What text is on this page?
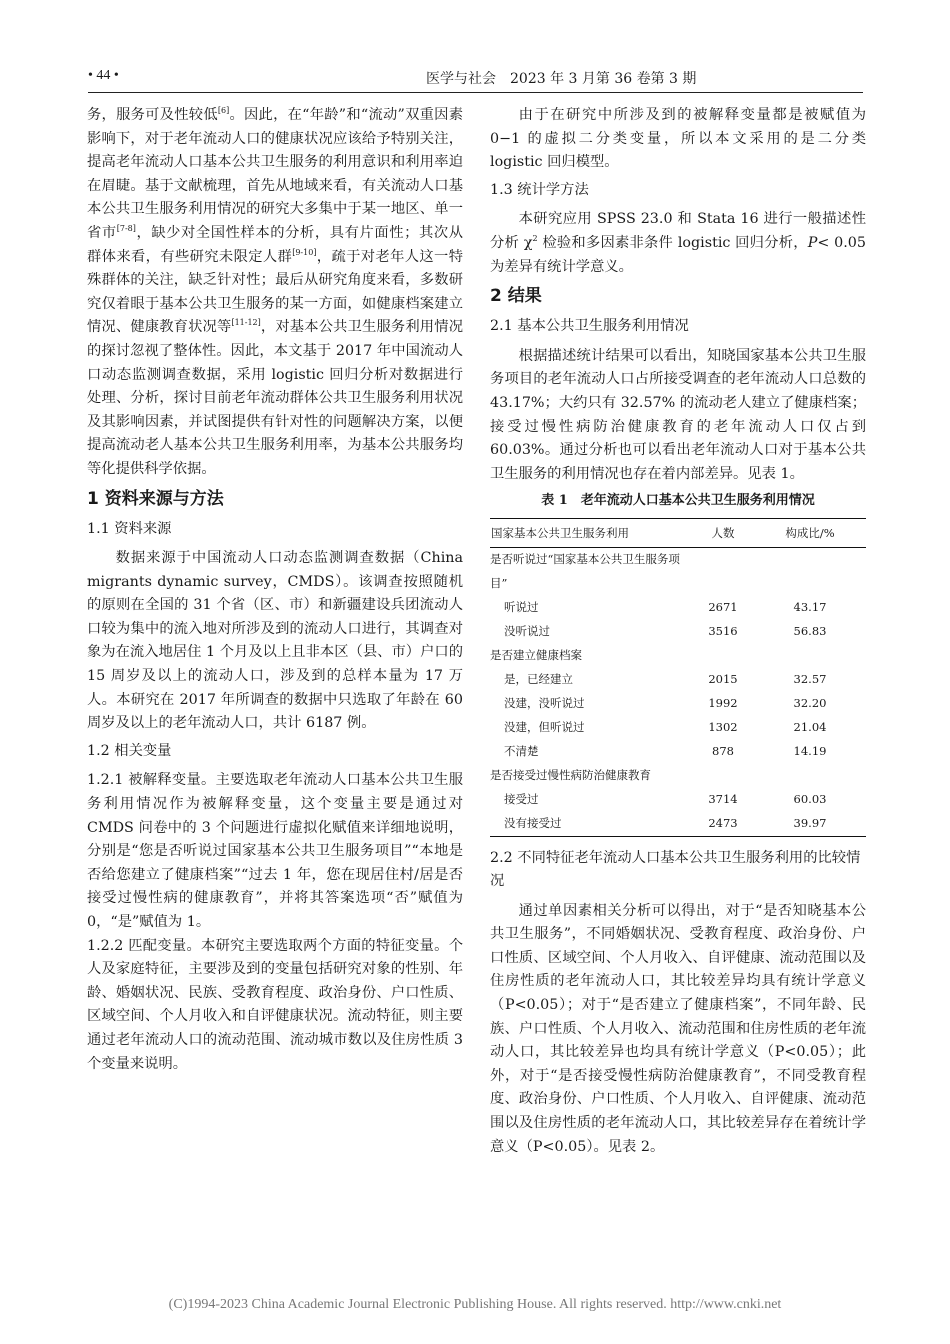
• 44 •	医学与社会　2023 年 3 月第 36 卷第 3 期

务，服务可及性较低[6]。因此，在“年龄”和“流动”双重因素影响下，对于老年流动人口的健康状况应该给予特别关注，提高老年流动人口基本公共卫生服务的利用意识和利用率迫在眉睫。基于文献梳理，首先从地域来看，有关流动人口基本公共卫生服务利用情况的研究大多集中于某一地区、单一省市[7-8]，缺少对全国性样本的分析，具有片面性；其次从群体来看，有些研究未限定人群[9-10]，疏于对老年人这一特殊群体的关注，缺乏针对性；最后从研究角度来看，多数研究仅着眼于基本公共卫生服务的某一方面，如健康档案建立情况、健康教育状况等[11-12]，对基本公共卫生服务利用情况的探讨忽视了整体性。因此，本文基于 2017 年中国流动人口动态监测调查数据，采用 logistic 回归分析对数据进行处理、分析，探讨目前老年流动群体公共卫生服务利用状况及其影响因素，并试图提供有针对性的问题解决方案，以便提高流动老人基本公共卫生服务利用率，为基本公共服务均等化提供科学依据。

1 资料来源与方法
1.1 资料来源

数据来源于中国流动人口动态监测调查数据（China migrants dynamic survey，CMDS）。该调查按照随机的原则在全国的 31 个省（区、市）和新疆建设兵团流动人口较为集中的流入地对所涉及到的流动人口进行，其调查对象为在流入地居住 1 个月及以上且非本区（县、市）户口的 15 周岁及以上的流动人口，涉及到的总样本量为 17 万人。本研究在 2017 年所调查的数据中只选取了年龄在 60 周岁及以上的老年流动人口，共计 6187 例。

1.2 相关变量

1.2.1 被解释变量。主要选取老年流动人口基本公共卫生服务利用情况作为被解释变量，这个变量主要是通过对 CMDS 问卷中的 3 个问题进行虚拟化赋值来详细地说明，分别是“您是否听说过国家基本公共卫生服务项目”“本地是否给您建立了健康档案”“过去 1 年，您在现居住村/居是否接受过慢性病的健康教育”，并将其答案选项“否”赋值为 0，“是”赋值为 1。

1.2.2 匹配变量。本研究主要选取两个方面的特征变量。个人及家庭特征，主要涉及到的变量包括研究对象的性别、年龄、婚姻状况、民族、受教育程度、政治身份、户口性质、区域空间、个人月收入和自评健康状况。流动特征，则主要通过老年流动人口的流动范围、流动城市数以及住房性质 3 个变量来说明。

由于在研究中所涉及到的被解释变量都是被赋值为 0−1 的虚拟二分类变量，所以本文采用的是二分类 logistic 回归模型。

1.3 统计学方法

本研究应用 SPSS 23.0 和 Stata 16 进行一般描述性分析 $\chi^2$ 检验和多因素非条件 logistic 回归分析，P< 0.05 为差异有统计学意义。

2 结果
2.1 基本公共卫生服务利用情况

根据描述统计结果可以看出，知晓国家基本公共卫生服务项目的老年流动人口占所接受调查的老年流动人口总数的 43.17%；大约只有 32.57% 的流动老人建立了健康档案；接受过慢性病防治健康教育的老年流动人口仅占到 60.03%。通过分析也可以看出老年流动人口对于基本公共卫生服务的利用情况也存在着内部差异。见表 1。

表 1　老年流动人口基本公共卫生服务利用情况
国家基本公共卫生服务利用	人数	构成比/%
是否听说过“国家基本公共卫生服务项目”		
听说过	2671	43.17
没听说过	3516	56.83
是否建立健康档案		
是，已经建立	2015	32.57
没建，没听说过	1992	32.20
没建，但听说过	1302	21.04
不清楚	878	14.19
是否接受过慢性病防治健康教育		
接受过	3714	60.03
没有接受过	2473	39.97
2.2 不同特征老年流动人口基本公共卫生服务利用的比较情况

通过单因素相关分析可以得出，对于“是否知晓基本公共卫生服务”，不同婚姻状况、受教育程度、政治身份、户口性质、区域空间、个人月收入、自评健康、流动范围以及住房性质的老年流动人口，其比较差异均具有统计学意义（P<0.05）；对于“是否建立了健康档案”，不同年龄、民族、户口性质、个人月收入、流动范围和住房性质的老年流动人口，其比较差异也均具有统计学意义（P<0.05）；此外，对于“是否接受慢性病防治健康教育”，不同受教育程度、政治身份、户口性质、个人月收入、自评健康、流动范围以及住房性质的老年流动人口，其比较差异存在着统计学意义（P<0.05）。见表 2。

(C)1994-2023 China Academic Journal Electronic Publishing House. All rights reserved. http://www.cnki.net
